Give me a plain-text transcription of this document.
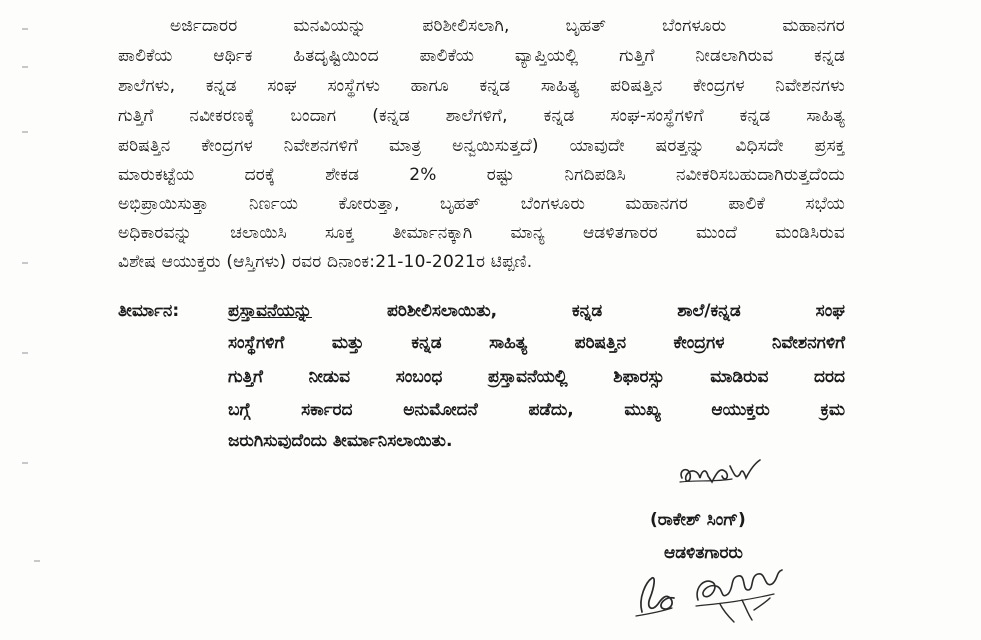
ಅರ್ಜಿದಾರರ ಮನವಿಯನ್ನು ಪರಿಶೀಲಿಸಲಾಗಿ, ಬೃಹತ್ ಬೆಂಗಳೂರು ಮಹಾನಗರ
ಪಾಲಿಕೆಯ ಆರ್ಥಿಕ ಹಿತದೃಷ್ಟಿಯಿಂದ ಪಾಲಿಕೆಯ ವ್ಯಾಪ್ತಿಯಲ್ಲಿ ಗುತ್ತಿಗೆ ನೀಡಲಾಗಿರುವ ಕನ್ನಡ
ಶಾಲೆಗಳು, ಕನ್ನಡ ಸಂಘ ಸಂಸ್ಥೆಗಳು ಹಾಗೂ ಕನ್ನಡ ಸಾಹಿತ್ಯ ಪರಿಷತ್ತಿನ ಕೇಂದ್ರಗಳ ನಿವೇಶನಗಳು
ಗುತ್ತಿಗೆ ನವೀಕರಣಕ್ಕೆ ಬಂದಾಗ (ಕನ್ನಡ ಶಾಲೆಗಳಿಗೆ, ಕನ್ನಡ ಸಂಘ-ಸಂಸ್ಥೆಗಳಿಗೆ ಕನ್ನಡ ಸಾಹಿತ್ಯ
ಪರಿಷತ್ತಿನ ಕೇಂದ್ರಗಳ ನಿವೇಶನಗಳಿಗೆ ಮಾತ್ರ ಅನ್ವಯಿಸುತ್ತದೆ) ಯಾವುದೇ ಷರತ್ತನ್ನು ವಿಧಿಸದೇ ಪ್ರಸಕ್ತ
ಮಾರುಕಟ್ಟೆಯ ದರಕ್ಕೆ ಶೇಕಡ 2% ರಷ್ಟು ನಿಗದಿಪಡಿಸಿ ನವೀಕರಿಸಬಹುದಾಗಿರುತ್ತದೆಂದು
ಅಭಿಪ್ರಾಯಿಸುತ್ತಾ ನಿರ್ಣಯ ಕೋರುತ್ತಾ, ಬೃಹತ್ ಬೆಂಗಳೂರು ಮಹಾನಗರ ಪಾಲಿಕೆ ಸಭೆಯ
ಅಧಿಕಾರವನ್ನು ಚಲಾಯಿಸಿ ಸೂಕ್ತ ತೀರ್ಮಾನಕ್ಕಾಗಿ ಮಾನ್ಯ ಆಡಳಿತಗಾರರ ಮುಂದೆ ಮಂಡಿಸಿರುವ
ವಿಶೇಷ ಆಯುಕ್ತರು (ಆಸ್ತಿಗಳು) ರವರ ದಿನಾಂಕ:21-10-2021ರ ಟಿಪ್ಪಣಿ.
ತೀರ್ಮಾನ:	ಪ್ರಸ್ತಾವನೆಯನ್ನು ಪರಿಶೀಲಿಸಲಾಯಿತು, ಕನ್ನಡ ಶಾಲೆ/ಕನ್ನಡ ಸಂಘ
ಸಂಸ್ಥೆಗಳಿಗೆ ಮತ್ತು ಕನ್ನಡ ಸಾಹಿತ್ಯ ಪರಿಷತ್ತಿನ ಕೇಂದ್ರಗಳ ನಿವೇಶನಗಳಿಗೆ
ಗುತ್ತಿಗೆ ನೀಡುವ ಸಂಬಂಧ ಪ್ರಸ್ತಾವನೆಯಲ್ಲಿ ಶಿಫಾರಸ್ಸು ಮಾಡಿರುವ ದರದ
ಬಗ್ಗೆ ಸರ್ಕಾರದ ಅನುಮೋದನೆ ಪಡೆದು, ಮುಖ್ಯ ಆಯುಕ್ತರು ಕ್ರಮ
ಜರುಗಿಸುವುದೆಂದು ತೀರ್ಮಾನಿಸಲಾಯಿತು.
(ರಾಕೇಶ್ ಸಿಂಗ್)
ಆಡಳಿತಗಾರರು
